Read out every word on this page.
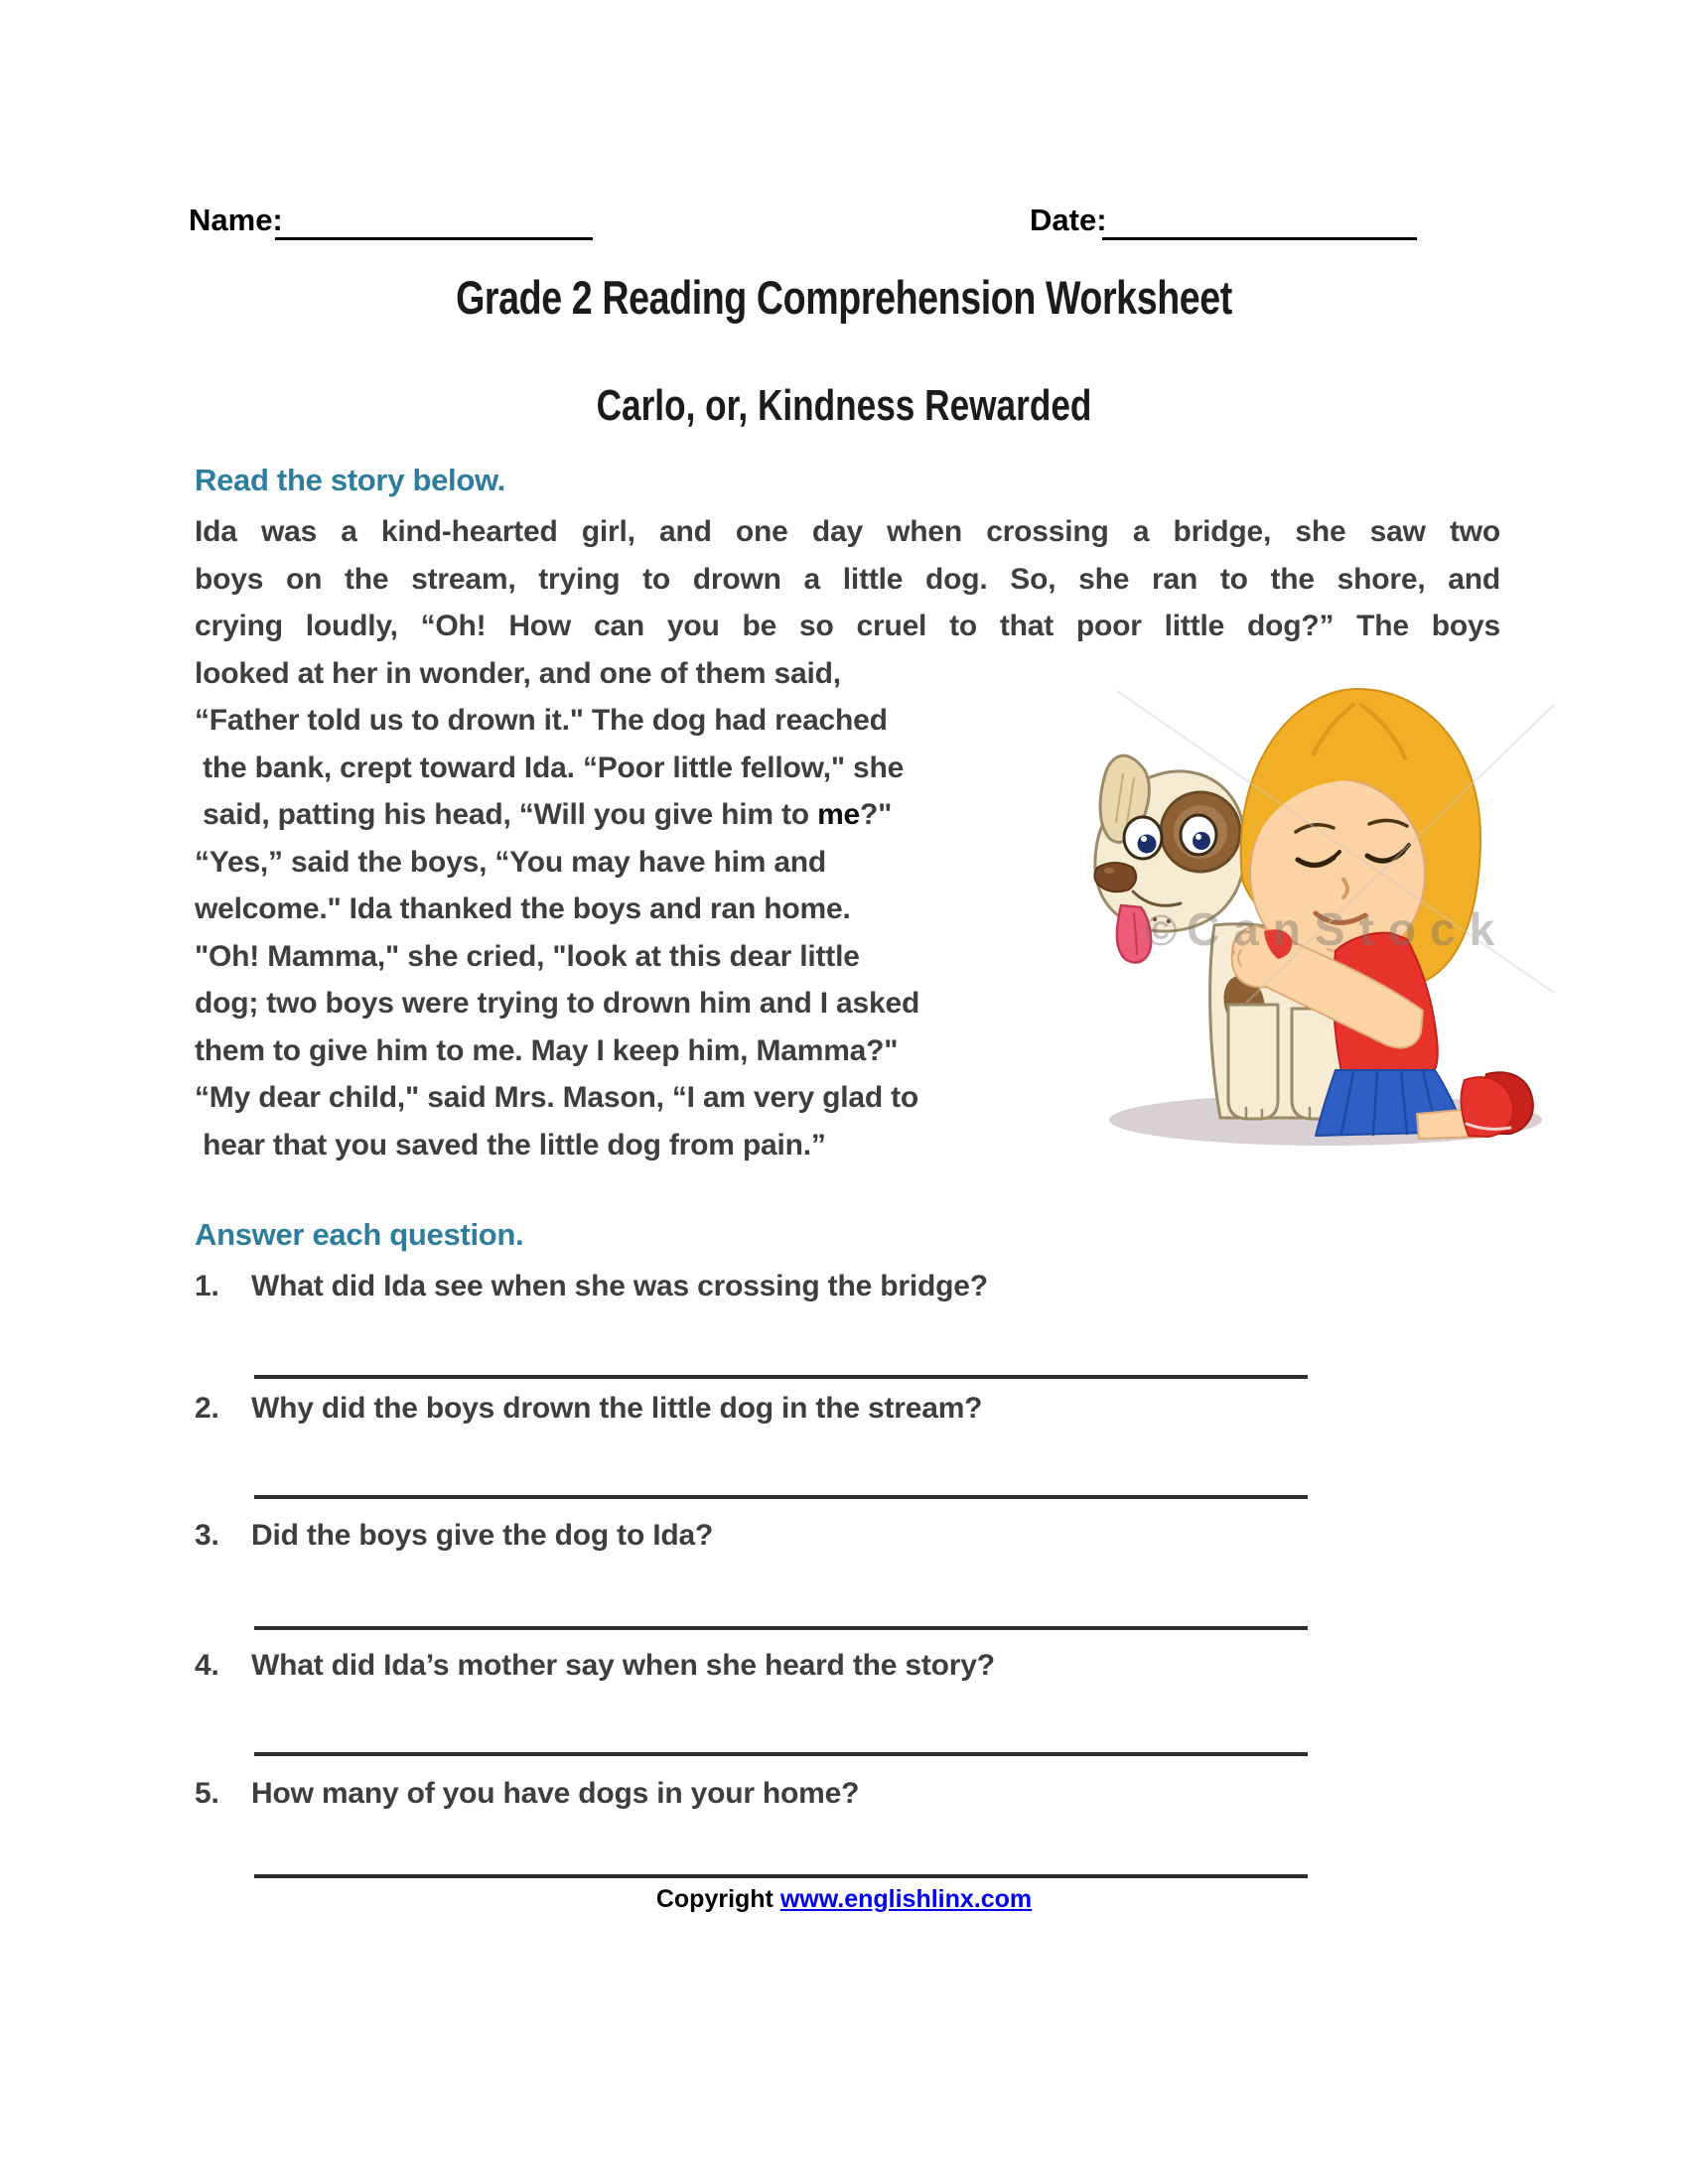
Name:	Date:
Grade 2 Reading Comprehension Worksheet
Carlo, or, Kindness Rewarded
Read the story below.
Ida was a kind-hearted girl, and one day when crossing a bridge, she saw two
boys on the stream, trying to drown a little dog. So, she ran to the shore, and
crying loudly, “Oh! How can you be so cruel to that poor little dog?” The boys
looked at her in wonder, and one of them said,
“Father told us to drown it." The dog had reached
the bank, crept toward Ida. “Poor little fellow," she
said, patting his head, “Will you give him to me?"
“Yes,” said the boys, “You may have him and
welcome." Ida thanked the boys and ran home.
"Oh! Mamma," she cried, "look at this dear little
dog; two boys were trying to drown him and I asked
them to give him to me. May I keep him, Mamma?"
“My dear child," said Mrs. Mason, “I am very glad to
hear that you saved the little dog from pain.”
© CanStock
Answer each question.
1. What did Ida see when she was crossing the bridge?
2. Why did the boys drown the little dog in the stream?
3. Did the boys give the dog to Ida?
4. What did Ida’s mother say when she heard the story?
5. How many of you have dogs in your home?
Copyright www.englishlinx.com
